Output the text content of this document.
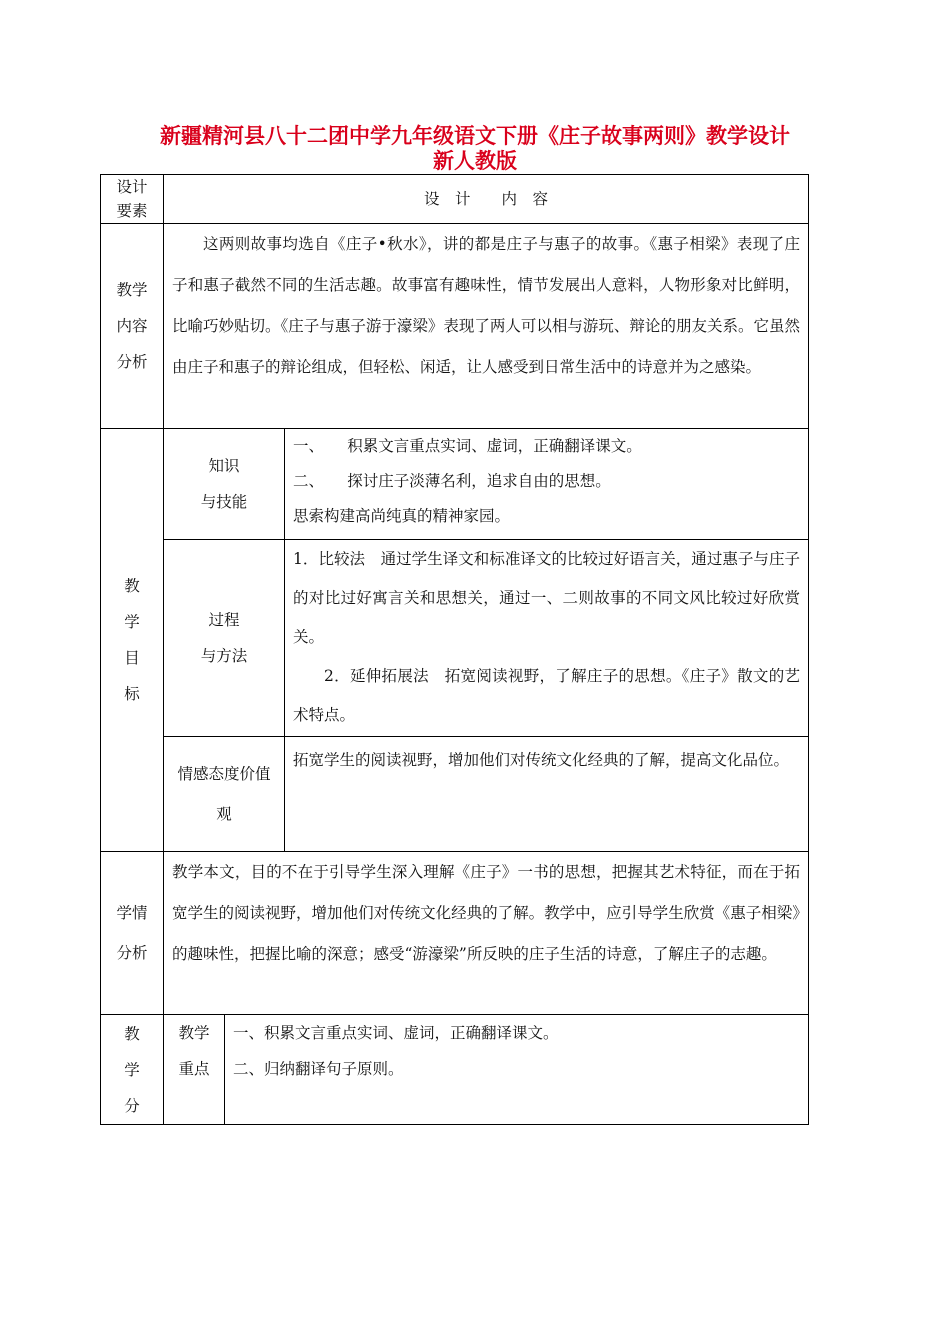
新疆精河县八十二团中学九年级语文下册《庄子故事两则》教学设计
新人教版
设计
要素
设　计　　内　容
教学
内容
分析
这两则故事均选自《庄子•秋水》，讲的都是庄子与惠子的故事。《惠子相梁》表现了庄子和惠子截然不同的生活志趣。故事富有趣味性，情节发展出人意料，人物形象对比鲜明，比喻巧妙贴切。《庄子与惠子游于濠梁》表现了两人可以相与游玩、辩论的朋友关系。它虽然由庄子和惠子的辩论组成，但轻松、闲适，让人感受到日常生活中的诗意并为之感染。
教
学
目
标
知识
与技能
一、　　积累文言重点实词、虚词，正确翻译课文。
二、　　探讨庄子淡薄名利，追求自由的思想。
思索构建高尚纯真的精神家园。
过程
与方法
1．比较法　通过学生译文和标准译文的比较过好语言关，通过惠子与庄子的对比过好寓言关和思想关，通过一、二则故事的不同文风比较过好欣赏关。
2．延伸拓展法　拓宽阅读视野，了解庄子的思想。《庄子》散文的艺术特点。
情感态度价值
观
拓宽学生的阅读视野，增加他们对传统文化经典的了解，提高文化品位。
学情
分析
教学本文，目的不在于引导学生深入理解《庄子》一书的思想，把握其艺术特征，而在于拓宽学生的阅读视野，增加他们对传统文化经典的了解。教学中，应引导学生欣赏《惠子相梁》的趣味性，把握比喻的深意；感受“游濠梁”所反映的庄子生活的诗意，了解庄子的志趣。
教
学
分
教学
重点
一、积累文言重点实词、虚词，正确翻译课文。
二、归纳翻译句子原则。
